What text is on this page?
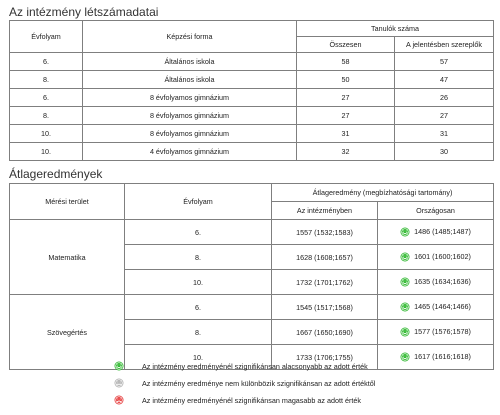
Az intézmény létszámadatai
Évfolyam	Képzési forma	Tanulók száma	
		Összesen	A jelentésben szereplők
6.	Általános iskola	58	57
8.	Általános iskola	50	47
6.	8 évfolyamos gimnázium	27	26
8.	8 évfolyamos gimnázium	27	27
10.	8 évfolyamos gimnázium	31	31
10.	4 évfolyamos gimnázium	32	30
Átlageredmények
Mérési terület	Évfolyam	Átlageredmény (megbízhatósági tartomány)	
		Az intézményben	Országosan
Matematika	6.	1557 (1532;1583)	1486 (1485;1487)
	8.	1628 (1608;1657)	1601 (1600;1602)
	10.	1732 (1701;1762)	1635 (1634;1636)
Szövegértés	6.	1545 (1517;1568)	1465 (1464;1466)
	8.	1667 (1650;1690)	1577 (1576;1578)
	10.	1733 (1706;1755)	1617 (1616;1618)
Az intézmény eredményénél szignifikánsan alacsonyabb az adott érték
Az intézmény eredménye nem különbözik szignifikánsan az adott értéktől
Az intézmény eredményénél szignifikánsan magasabb az adott érték
